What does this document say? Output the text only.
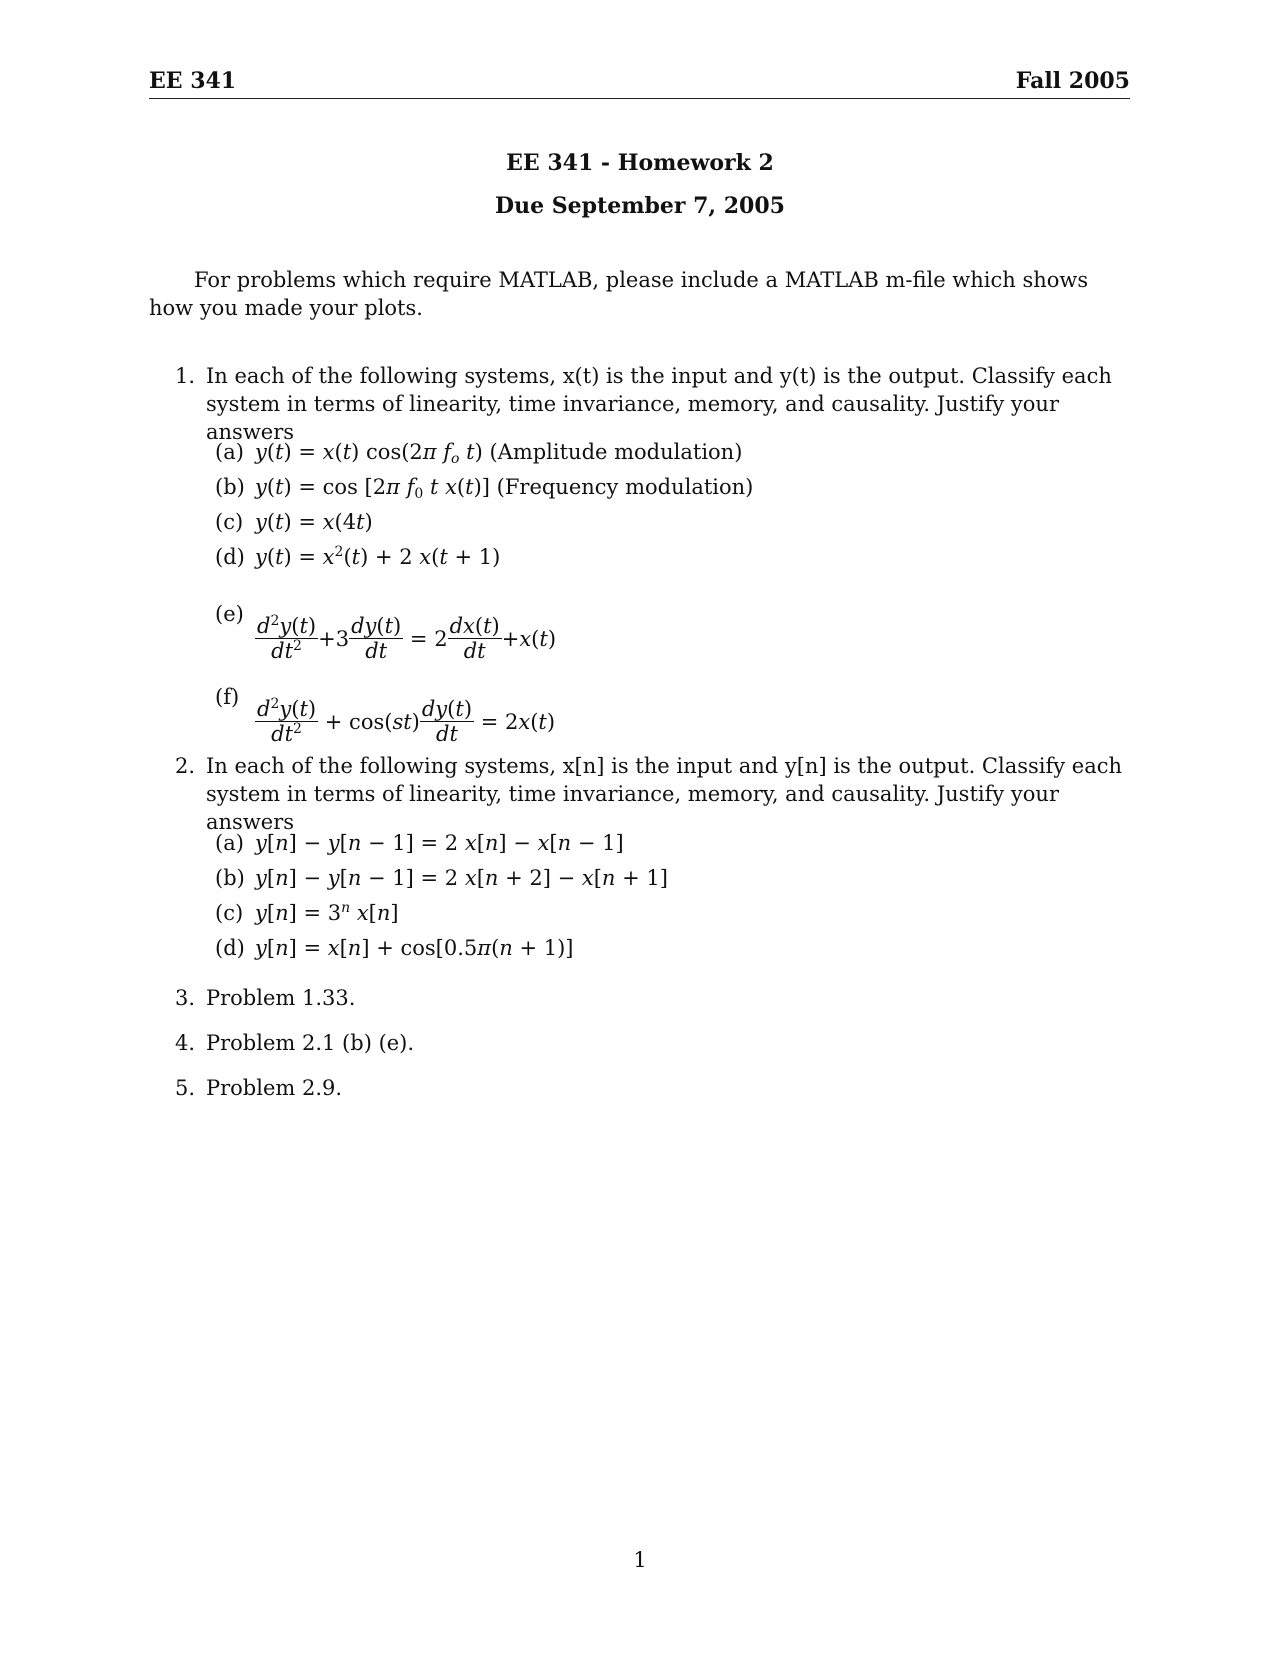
EE 341	Fall 2005
EE 341 - Homework 2
Due September 7, 2005
For problems which require MATLAB, please include a MATLAB m-file which shows how you made your plots.
1. In each of the following systems, x(t) is the input and y(t) is the output. Classify each system in terms of linearity, time invariance, memory, and causality. Justify your answers
(a) y(t) = x(t) cos(2π $f_o$ t) (Amplitude modulation)
(b) y(t) = cos [2π $f_0$ t x(t)] (Frequency modulation)
(c) y(t) = x(4t)
(d) $y(t) = x^2(t) + 2$ x(t + 1)
$(e) \frac{d^2y(t)}{dt^2} +3 \frac{dy(t)}{dt} = 2 \frac{dx(t)}{dt} + x$ ( t )
$(f) \frac{d^2y(t)}{dt^2} + \cos$( st ) $\frac{dy(t)}{dt} = 2$ x ( t )
2. In each of the following systems, x[n] is the input and y[n] is the output. Classify each system in terms of linearity, time invariance, memory, and causality. Justify your answers
(a) y[n] − y[n − 1] = 2 x[n] − x[n − 1]
(b) y[n] − y[n − 1] = 2 x[n + 2] − x[n + 1]
(c) $y[n] = 3^n$ x[n]
(d) y[n] = x[n] + cos[0.5π(n + 1)]
3. Problem 1.33.
4. Problem 2.1 (b) (e).
5. Problem 2.9.
1
